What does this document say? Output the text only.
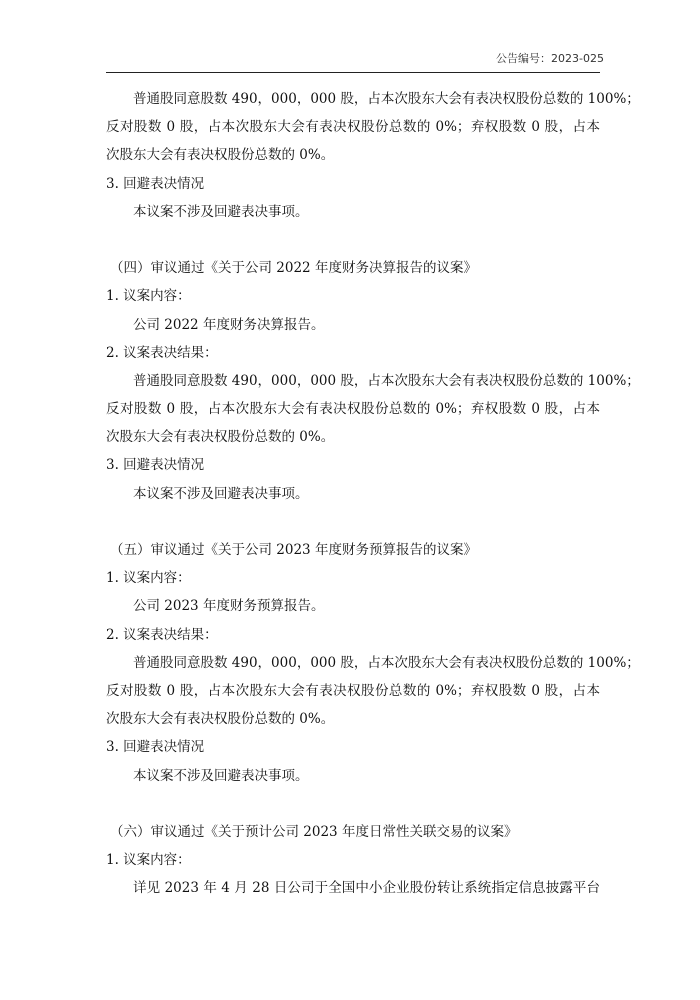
公告编号：2023-025
普通股同意股数 490，000，000 股，占本次股东大会有表决权股份总数的 100%；
反对股数 0 股，占本次股东大会有表决权股份总数的 0%；弃权股数 0 股，占本
次股东大会有表决权股份总数的 0%。
3. 回避表决情况
本议案不涉及回避表决事项。
（四）审议通过《关于公司 2022 年度财务决算报告的议案》
1. 议案内容：
公司 2022 年度财务决算报告。
2. 议案表决结果：
普通股同意股数 490，000，000 股，占本次股东大会有表决权股份总数的 100%；
反对股数 0 股，占本次股东大会有表决权股份总数的 0%；弃权股数 0 股，占本
次股东大会有表决权股份总数的 0%。
3. 回避表决情况
本议案不涉及回避表决事项。
（五）审议通过《关于公司 2023 年度财务预算报告的议案》
1. 议案内容：
公司 2023 年度财务预算报告。
2. 议案表决结果：
普通股同意股数 490，000，000 股，占本次股东大会有表决权股份总数的 100%；
反对股数 0 股，占本次股东大会有表决权股份总数的 0%；弃权股数 0 股，占本
次股东大会有表决权股份总数的 0%。
3. 回避表决情况
本议案不涉及回避表决事项。
（六）审议通过《关于预计公司 2023 年度日常性关联交易的议案》
1. 议案内容：
详见 2023 年 4 月 28 日公司于全国中小企业股份转让系统指定信息披露平台
